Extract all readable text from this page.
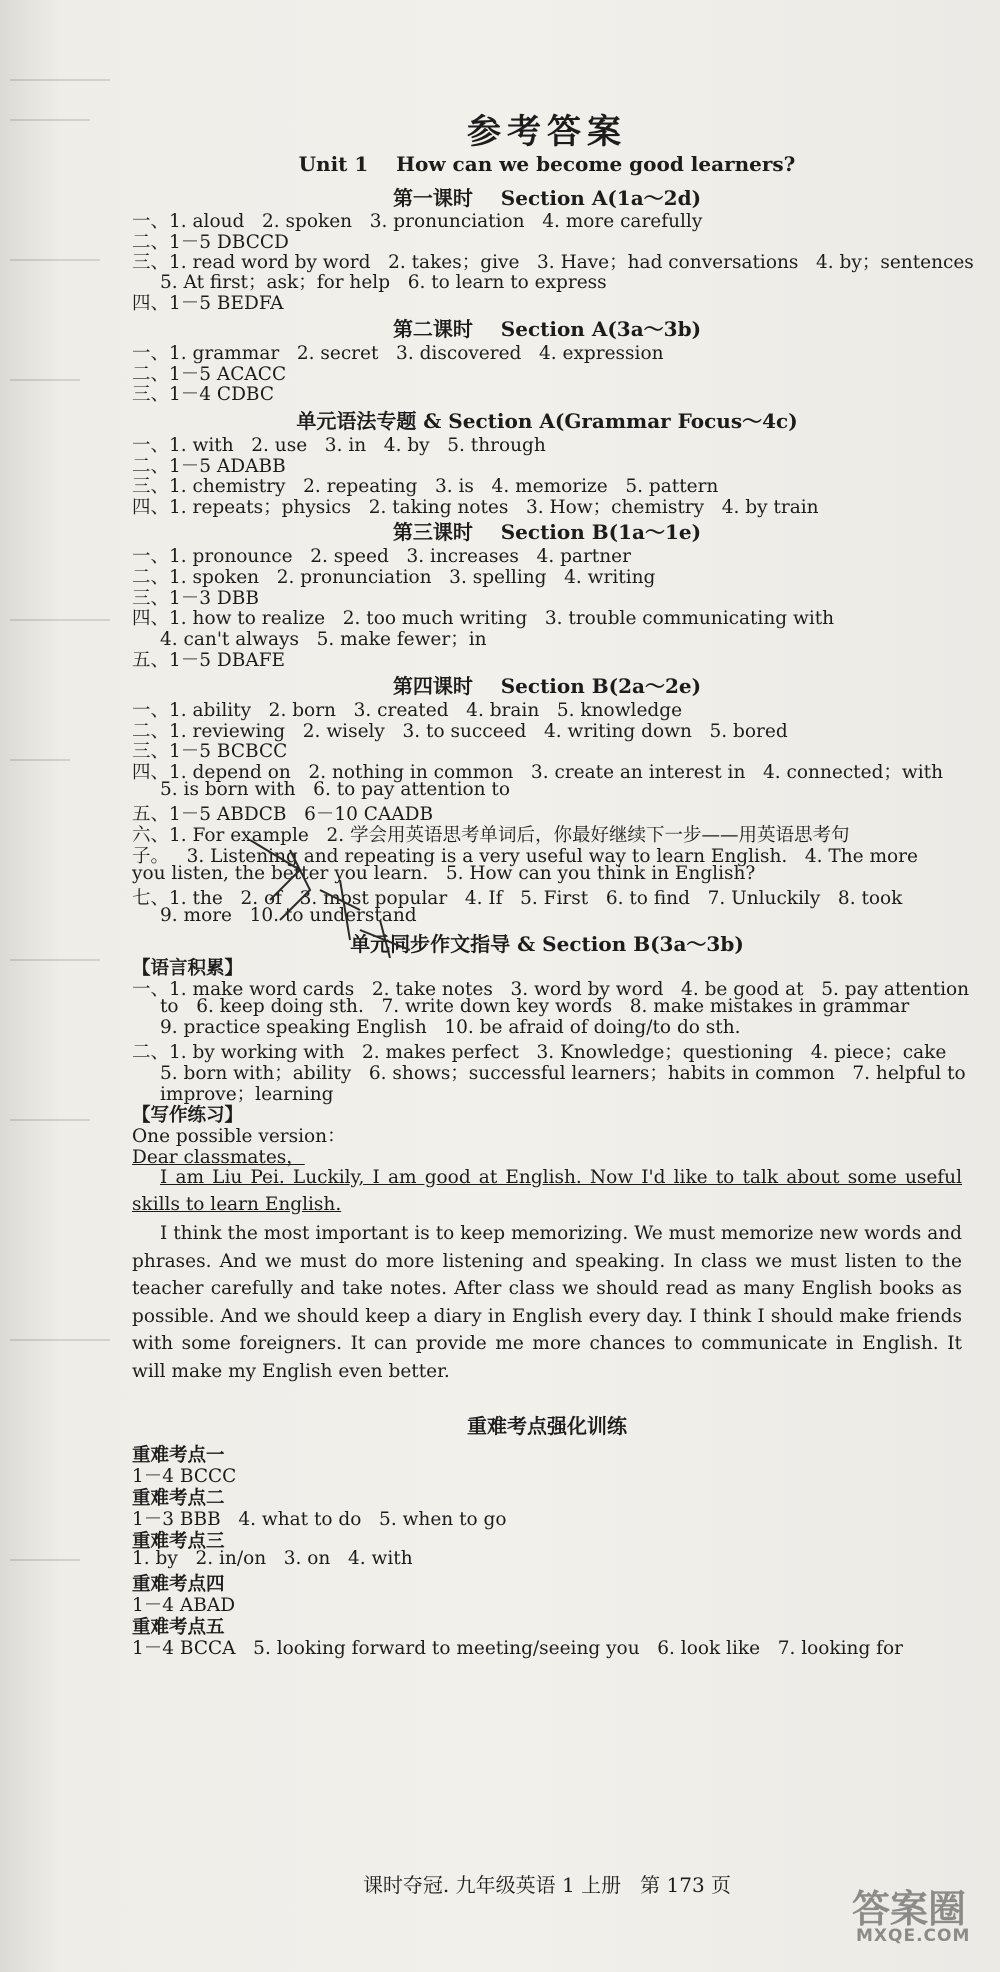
参考答案
Unit 1    How can we become good learners?
第一课时    Section A(1a～2d)
一、1. aloud   2. spoken   3. pronunciation   4. more carefully
二、1－5 DBCCD
三、1. read word by word   2. takes；give   3. Have；had conversations   4. by；sentences
5. At first；ask；for help   6. to learn to express
四、1－5 BEDFA
第二课时    Section A(3a～3b)
一、1. grammar   2. secret   3. discovered   4. expression
二、1－5 ACACC
三、1－4 CDBC
单元语法专题 & Section A(Grammar Focus～4c)
一、1. with   2. use   3. in   4. by   5. through
二、1－5 ADABB
三、1. chemistry   2. repeating   3. is   4. memorize   5. pattern
四、1. repeats；physics   2. taking notes   3. How；chemistry   4. by train
第三课时    Section B(1a～1e)
一、1. pronounce   2. speed   3. increases   4. partner
二、1. spoken   2. pronunciation   3. spelling   4. writing
三、1－3 DBB
四、1. how to realize   2. too much writing   3. trouble communicating with
4. can't always   5. make fewer；in
五、1－5 DBAFE
第四课时    Section B(2a～2e)
一、1. ability   2. born   3. created   4. brain   5. knowledge
二、1. reviewing   2. wisely   3. to succeed   4. writing down   5. bored
三、1－5 BCBCC
四、1. depend on   2. nothing in common   3. create an interest in   4. connected；with
5. is born with   6. to pay attention to
五、1－5 ABDCB   6－10 CAADB
六、1. For example   2. 学会用英语思考单词后，你最好继续下一步——用英语思考句
子。   3. Listening and repeating is a very useful way to learn English.   4. The more
you listen, the better you learn.   5. How can you think in English?
七、1. the   2. of   3. most popular   4. If   5. First   6. to find   7. Unluckily   8. took
9. more   10. to understand
单元同步作文指导 & Section B(3a～3b)
【语言积累】
一、1. make word cards   2. take notes   3. word by word   4. be good at   5. pay attention
to   6. keep doing sth.   7. write down key words   8. make mistakes in grammar
9. practice speaking English   10. be afraid of doing/to do sth.
二、1. by working with   2. makes perfect   3. Knowledge；questioning   4. piece；cake
5. born with；ability   6. shows；successful learners；habits in common   7. helpful to
improve；learning
【写作练习】
One possible version：
Dear classmates，
I am Liu Pei. Luckily, I am good at English. Now I'd like to talk about some useful skills to learn English.
I think the most important is to keep memorizing. We must memorize new words and phrases. And we must do more listening and speaking. In class we must listen to the teacher carefully and take notes. After class we should read as many English books as possible. And we should keep a diary in English every day. I think I should make friends with some foreigners. It can provide me more chances to communicate in English. It will make my English even better.
重难考点强化训练
重难考点一
1－4 BCCC
重难考点二
1－3 BBB   4. what to do   5. when to go
重难考点三
1. by   2. in/on   3. on   4. with
重难考点四
1－4 ABAD
重难考点五
1－4 BCCA   5. looking forward to meeting/seeing you   6. look like   7. looking for
课时夺冠. 九年级英语 1 上册   第 173 页
答案圈
MXQE.COM
